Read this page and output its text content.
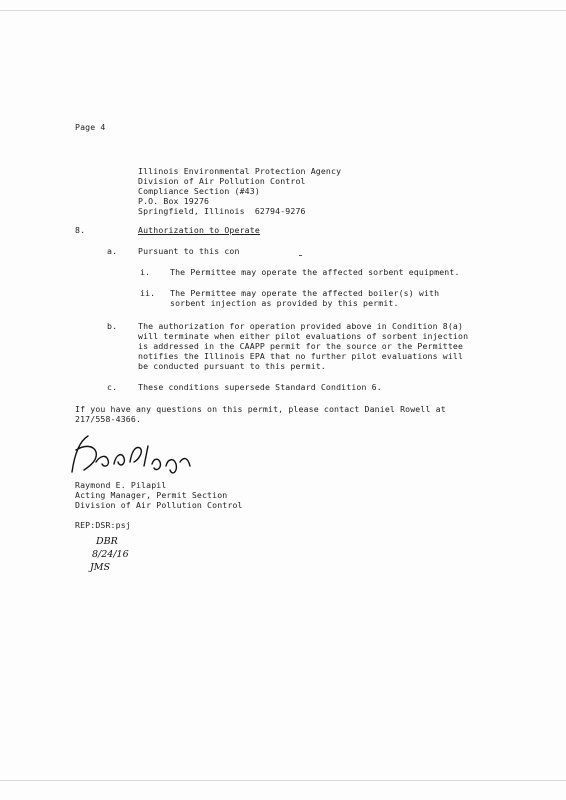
Page 4
Illinois Environmental Protection Agency
Division of Air Pollution Control
Compliance Section (#43)
P.O. Box 19276
Springfield, Illinois  62794-9276
8.	Authorization to Operate
a.	Pursuant to this con
i. The Permittee may operate the affected sorbent equipment.
ii. The Permittee may operate the affected boiler(s) with
sorbent injection as provided by this permit.
b.	The authorization for operation provided above in Condition 8(a)
will terminate when either pilot evaluations of sorbent injection
is addressed in the CAAPP permit for the source or the Permittee
notifies the Illinois EPA that no further pilot evaluations will
be conducted pursuant to this permit.
c.	These conditions supersede Standard Condition 6.
If you have any questions on this permit, please contact Daniel Rowell at
217/558-4366.
Raymond E. Pilapil
Acting Manager, Permit Section
Division of Air Pollution Control
REP:DSR:psj
DBR
8/24/16
JMS
